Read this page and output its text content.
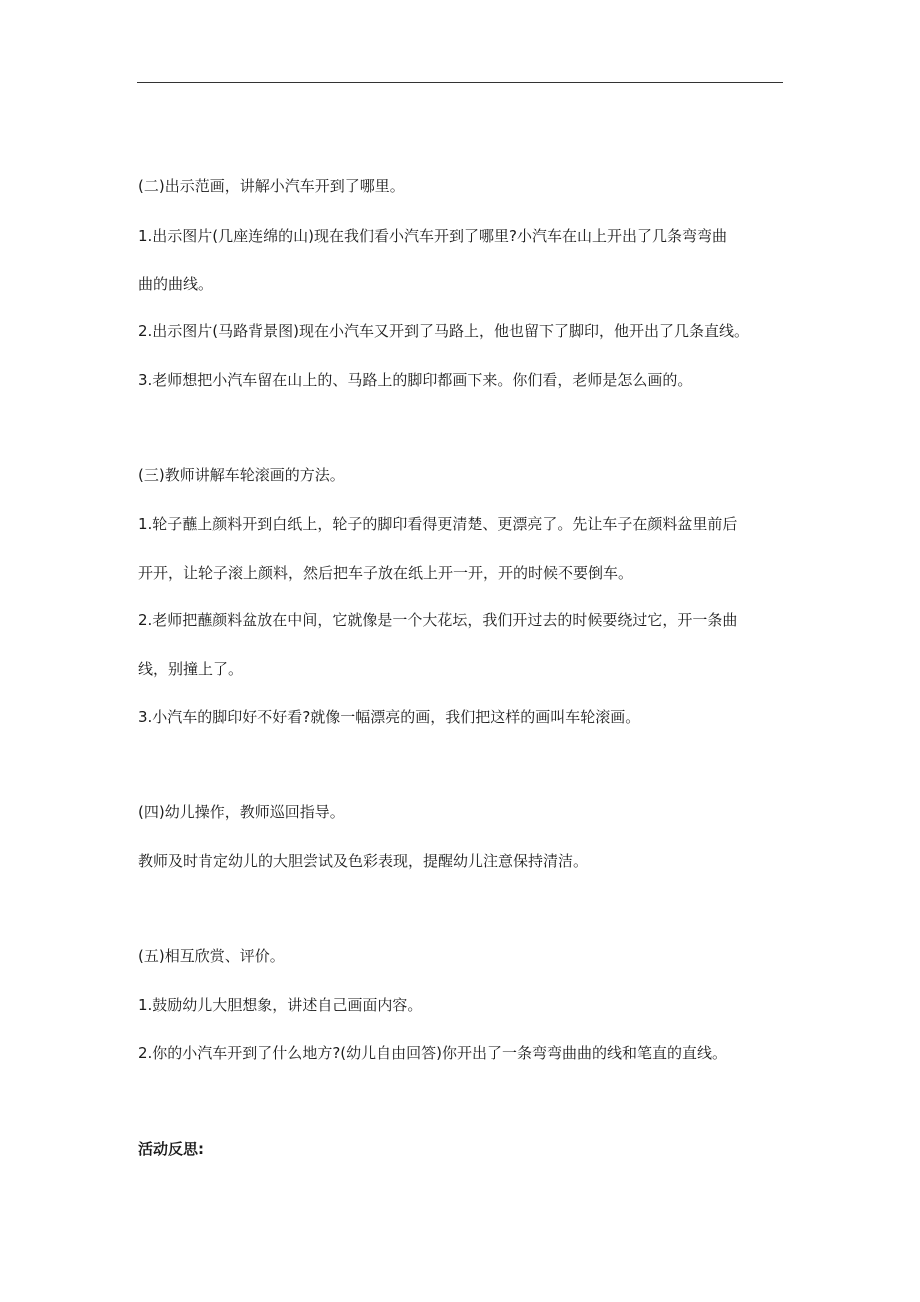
(二)出示范画，讲解小汽车开到了哪里。
1.出示图片(几座连绵的山)现在我们看小汽车开到了哪里?小汽车在山上开出了几条弯弯曲
曲的曲线。
2.出示图片(马路背景图)现在小汽车又开到了马路上，他也留下了脚印，他开出了几条直线。
3.老师想把小汽车留在山上的、马路上的脚印都画下来。你们看，老师是怎么画的。
(三)教师讲解车轮滚画的方法。
1.轮子蘸上颜料开到白纸上，轮子的脚印看得更清楚、更漂亮了。先让车子在颜料盆里前后
开开，让轮子滚上颜料，然后把车子放在纸上开一开，开的时候不要倒车。
2.老师把蘸颜料盆放在中间，它就像是一个大花坛，我们开过去的时候要绕过它，开一条曲
线，别撞上了。
3.小汽车的脚印好不好看?就像一幅漂亮的画，我们把这样的画叫车轮滚画。
(四)幼儿操作，教师巡回指导。
教师及时肯定幼儿的大胆尝试及色彩表现，提醒幼儿注意保持清洁。
(五)相互欣赏、评价。
1.鼓励幼儿大胆想象，讲述自己画面内容。
2.你的小汽车开到了什么地方?(幼儿自由回答)你开出了一条弯弯曲曲的线和笔直的直线。
活动反思:
